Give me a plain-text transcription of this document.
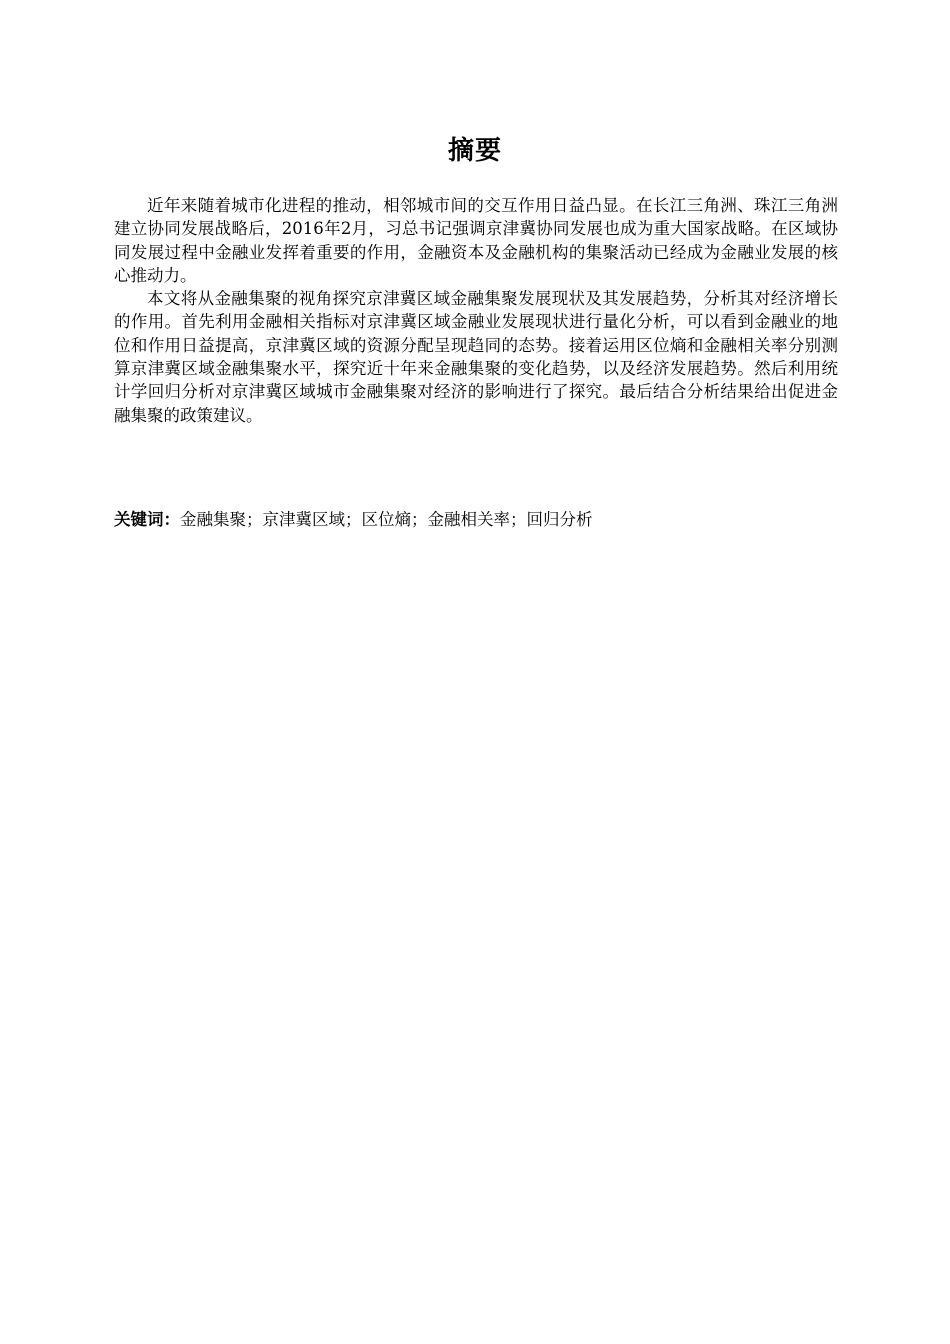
摘要

近年来随着城市化进程的推动，相邻城市间的交互作用日益凸显。在长江三角洲、珠江三角洲建立协同发展战略后，2016年2月，习总书记强调京津冀协同发展也成为重大国家战略。在区域协同发展过程中金融业发挥着重要的作用，金融资本及金融机构的集聚活动已经成为金融业发展的核心推动力。

本文将从金融集聚的视角探究京津冀区域金融集聚发展现状及其发展趋势，分析其对经济增长的作用。首先利用金融相关指标对京津冀区域金融业发展现状进行量化分析，可以看到金融业的地位和作用日益提高，京津冀区域的资源分配呈现趋同的态势。接着运用区位熵和金融相关率分别测算京津冀区域金融集聚水平，探究近十年来金融集聚的变化趋势，以及经济发展趋势。然后利用统计学回归分析对京津冀区域城市金融集聚对经济的影响进行了探究。最后结合分析结果给出促进金融集聚的政策建议。

关键词：金融集聚；京津冀区域；区位熵；金融相关率；回归分析
